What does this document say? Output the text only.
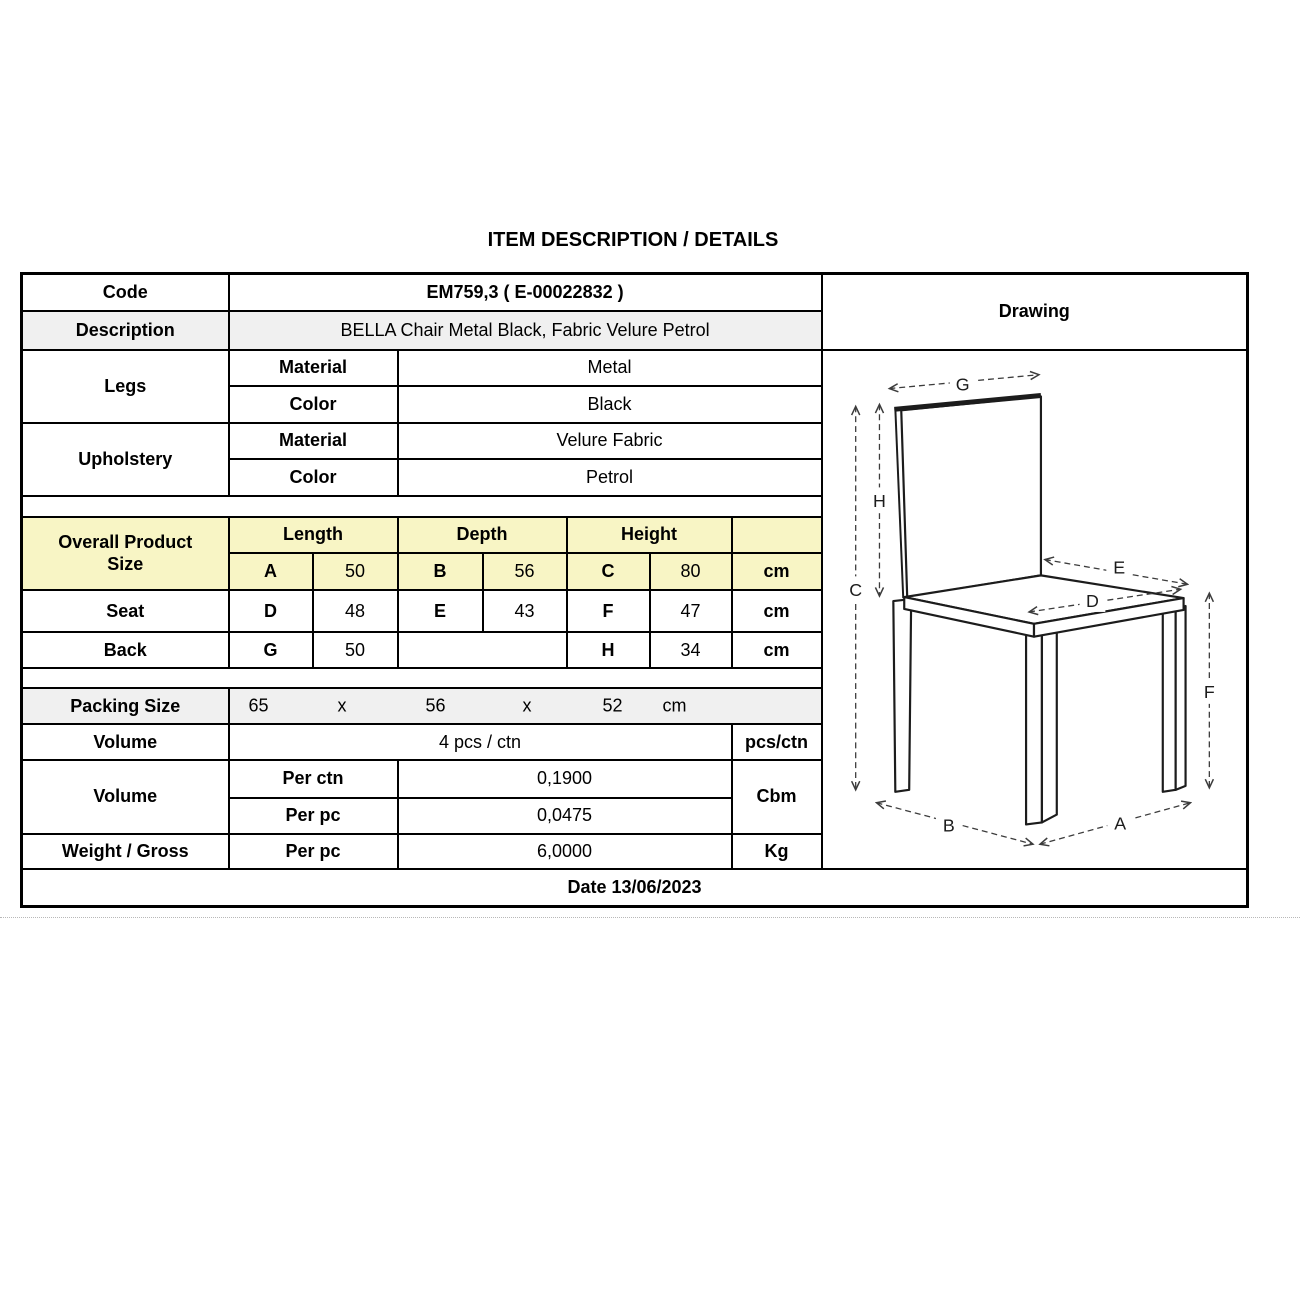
ITEM DESCRIPTION / DETAILS
Code	EM759,3 ( E-00022832 )							Drawing
Description	BELLA Chair Metal Black, Fabric Velure Petrol							
Legs	Material	Metal	
G
H
C
E
D
F
B	A

	Color		Black					
Upholstery	Material		Velure Fabric					
	Color		Petrol					

Overall Product
Size	Length		Depth		Height			
	A	50	B	56	C	80	cm	
Seat	D	48	E	43	F	47	cm	
Back	G	50			H	34	cm	

Packing Size	65	x	56	x	52 cm

Volume	4 pcs / ctn						pcs/ctn	
Volume	Per ctn		0,1900				Cbm	
	Per pc		0,0475					
Weight / Gross	Per pc		6,0000				Kg	
Date 13/06/2023								
